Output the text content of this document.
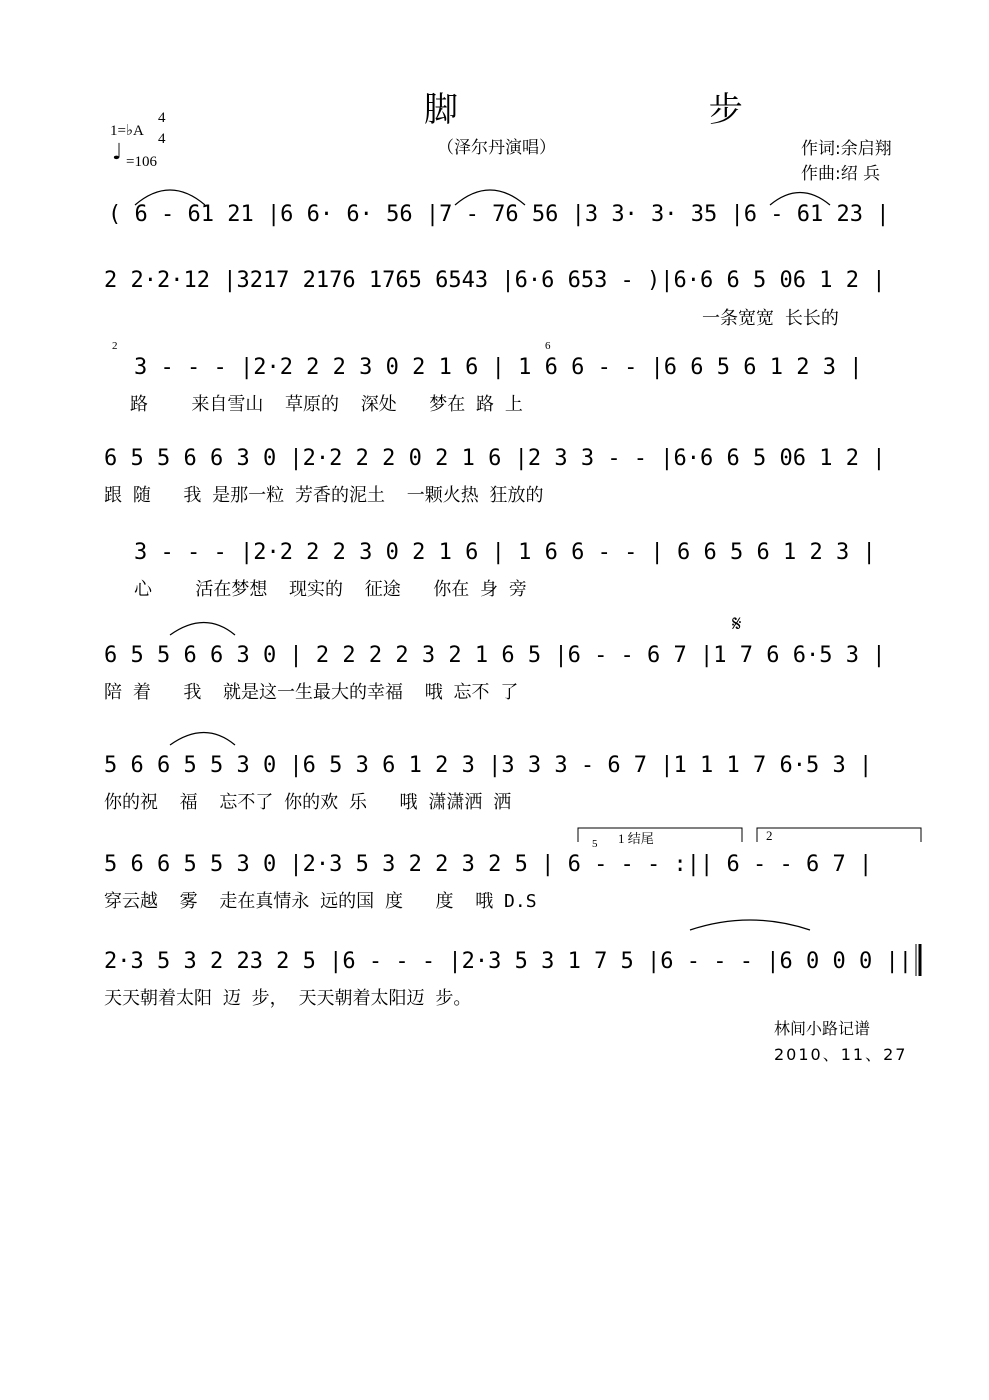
脚 步
（泽尔丹演唱）
1=♭A
4
4
♩ =106
作词:余启翔
作曲:绍 兵
( 6 - 61 21 |6 6· 6· 56 |7 - 76 56 |3 3· 3· 35 |6 - 61 23 |
2 2·2·12 |3217 2176 1765 6543 |6·6 653 - )|6·6 6 5 06 1 2 |
一条宽宽 长长的
3 - - - |2·2 2 2 3 0 2 1 6 | 1 6 6 - - |6 6 5 6 1 2 3 |
路    来自雪山  草原的  深处   梦在 路 上
6 5 5 6 6 3 0 |2·2 2 2 0 2 1 6 |2 3 3 - - |6·6 6 5 06 1 2 |
跟 随   我 是那一粒 芳香的泥土  一颗火热 狂放的
3 - - - |2·2 2 2 3 0 2 1 6 | 1 6 6 - - | 6 6 5 6 1 2 3 |
心    活在梦想  现实的  征途   你在 身 旁
6 5 5 6 6 3 0 | 2 2 2 2 3 2 1 6 5 |6 - - 6 7 |1 7 6 6·5 3 |
陪 着   我  就是这一生最大的幸福  哦 忘不 了
5 6 6 5 5 3 0 |6 5 3 6 1 2 3 |3 3 3 - 6 7 |1 1 1 7 6·5 3 |
你的祝  福  忘不了 你的欢 乐   哦 潇潇洒 洒
5 6 6 5 5 3 0 |2·3 5 3 2 2 3 2 5 | 6 - - - :|| 6 - - 6 7 |
穿云越  雾  走在真情永 远的国 度   度  哦 D.S
2·3 5 3 2 23 2 5 |6 - - - |2·3 5 3 1 7 5 |6 - - - |6 0 0 0 ||
天天朝着太阳 迈 步， 天天朝着太阳迈 步。
2	6
5 1 结尾	2
𝄋
林间小路记谱
2010、11、27
